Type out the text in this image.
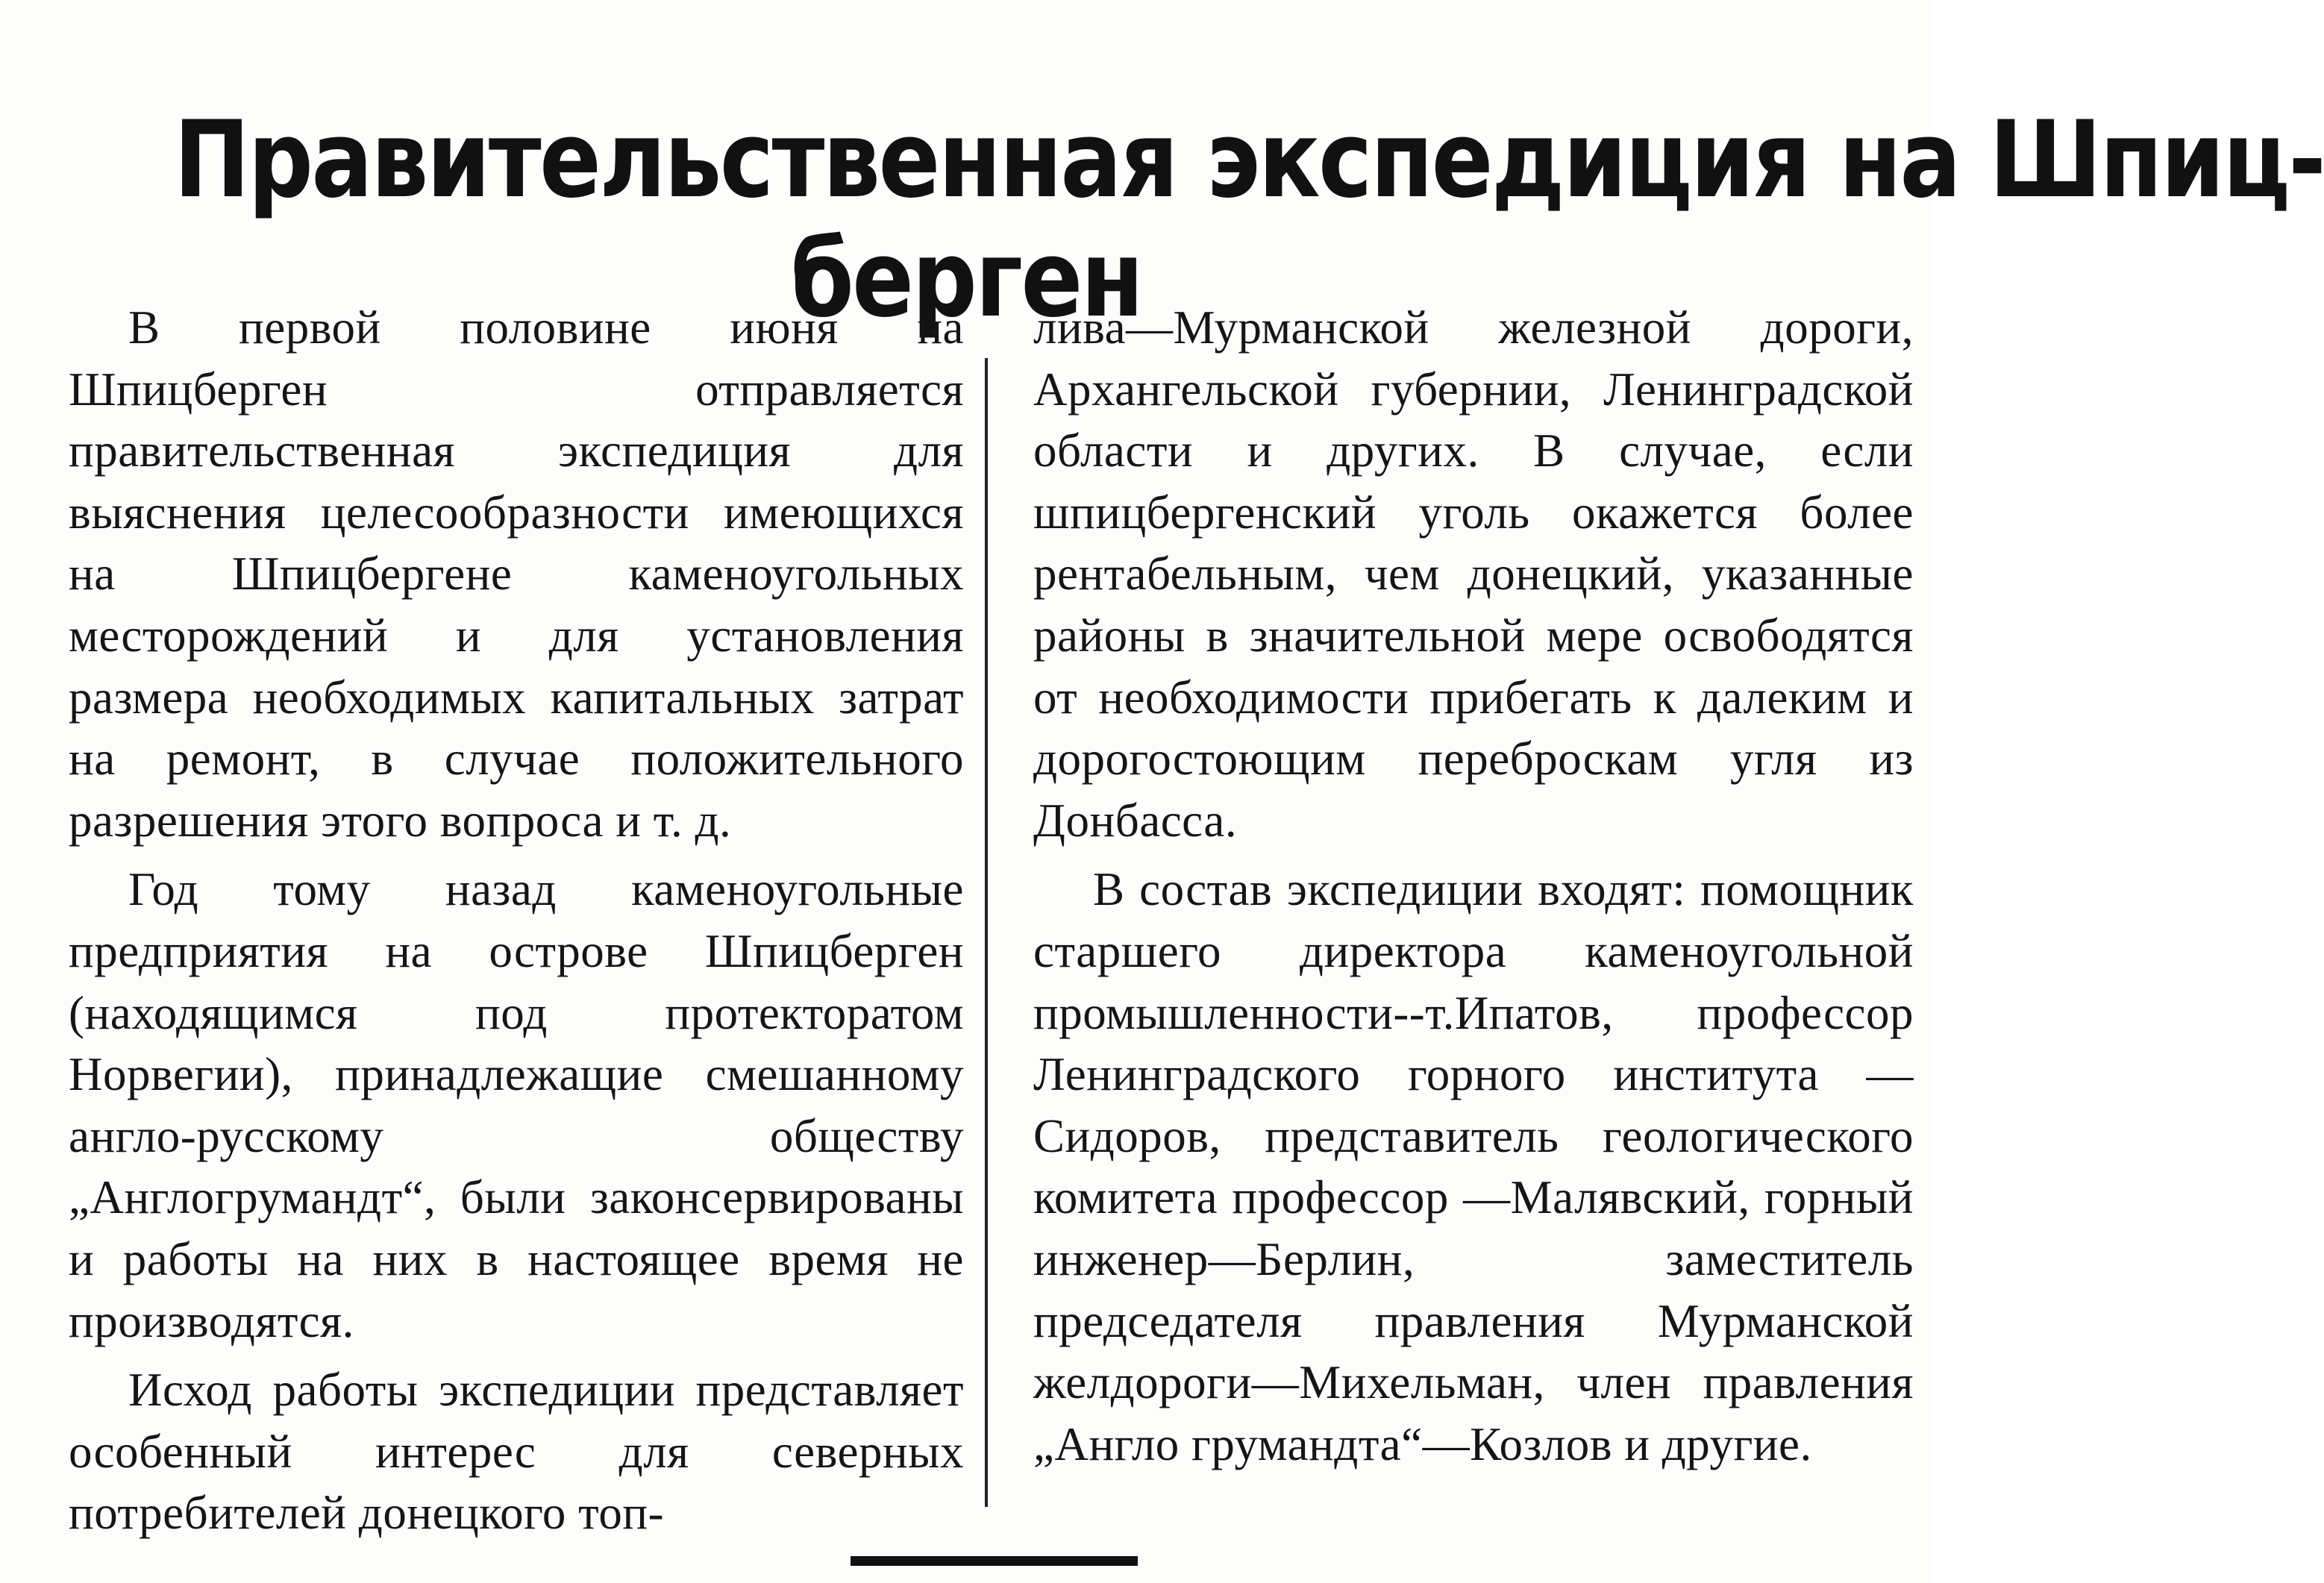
Правительственная экспедиция на Шпиц-
берген

В первой половине июня на Шпицберген отправляется правительственная экспедиция для выяснения целесообразности имеющихся на Шпицбергене каменоугольных месторождений и для установления размера необходимых капитальных затрат на ремонт, в случае положительного разрешения этого вопроса и т. д.

Год тому назад каменоугольные предприятия на острове Шпицберген (находящимся под протекторатом Норвегии), принадлежащие смешанному англо-русскому обществу „Англогрумандт“, были законсервированы и работы на них в настоящее время не производятся.

Исход работы экспедиции представляет особенный интерес для северных потребителей донецкого топ-

лива—Мурманской железной дороги, Архангельской губернии, Ленинградской области и других. В случае, если шпицбергенский уголь окажется более рентабельным, чем донецкий, указанные районы в значительной мере освободятся от необходимости прибегать к далеким и дорогостоющим переброскам угля из Донбасса.

В состав экспедиции входят: помощник старшего директора каменоугольной промышленности--т.Ипатов, профессор Ленинградского горного института — Сидоров, представитель геологического комитета профессор —Малявский, горный инженер—Берлин, заместитель председателя правления Мурманской желдороги—Михельман, член правления „Англо грумандта“—Козлов и другие.
